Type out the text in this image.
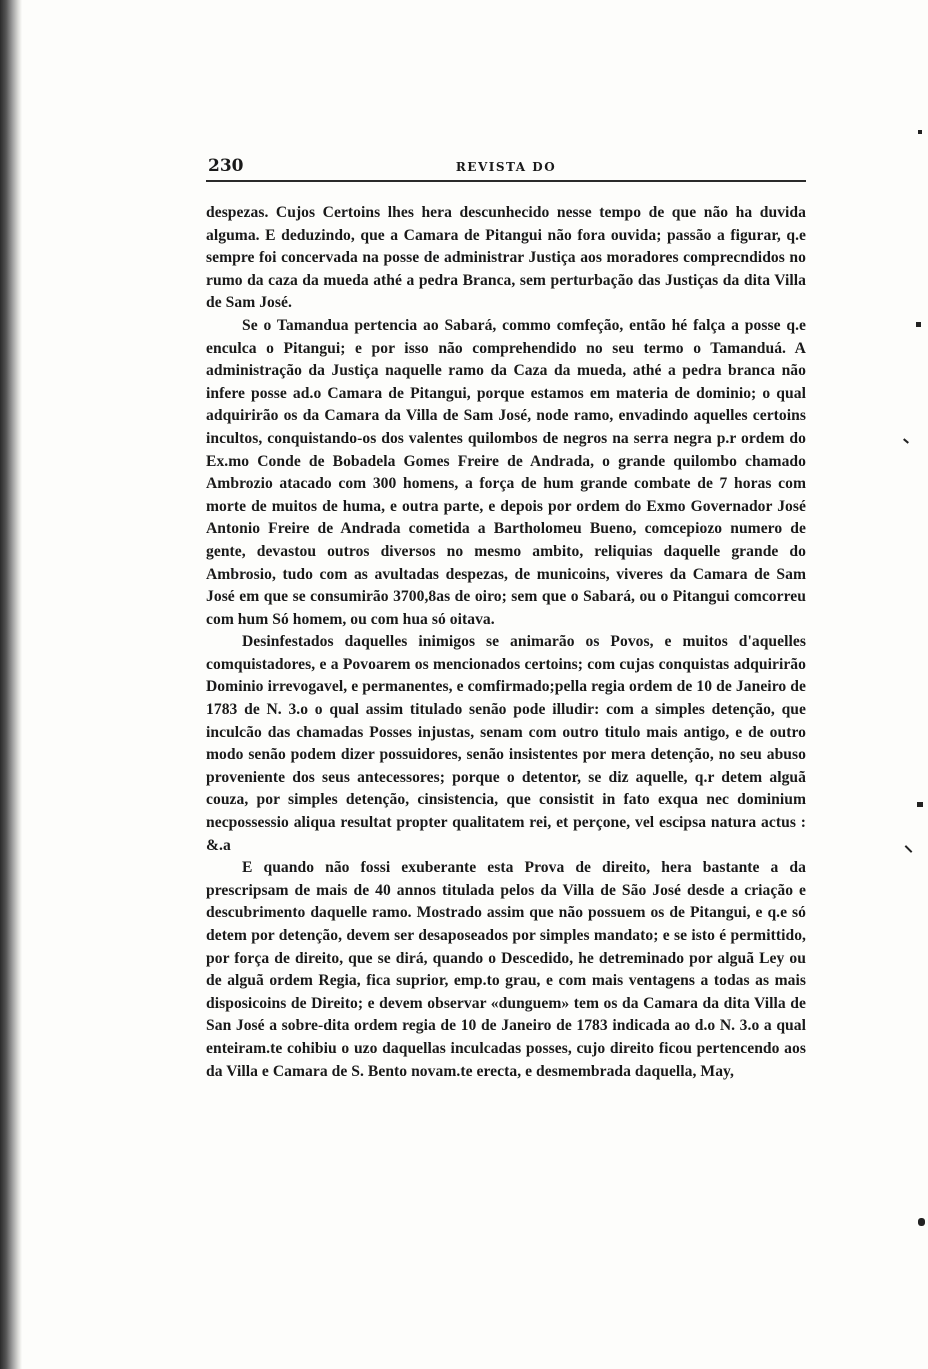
230	REVISTA DO

despezas. Cujos Certoins lhes hera descunhecido nesse tempo de que não ha duvida alguma. E deduzindo, que a Camara de Pitangui não fora ouvida; passão a figurar, q.e sempre foi concervada na posse de administrar Justiça aos moradores comprecndidos no rumo da caza da mueda athé a pedra Branca, sem perturbação das Justiças da dita Villa de Sam José.

Se o Tamandua pertencia ao Sabará, commo comfeção, então hé falça a posse q.e enculca o Pitangui; e por isso não comprehendido no seu termo o Tamanduá. A administração da Justiça naquelle ramo da Caza da mueda, athé a pedra branca não infere posse ad.o Camara de Pitangui, porque estamos em materia de dominio; o qual adquirirão os da Camara da Villa de Sam José, node ramo, envadindo aquelles certoins incultos, conquistando-os dos valentes quilombos de negros na serra negra p.r ordem do Ex.mo Conde de Bobadela Gomes Freire de Andrada, o grande quilombo chamado Ambrozio atacado com 300 homens, a força de hum grande combate de 7 horas com morte de muitos de huma, e outra parte, e depois por ordem do Exmo Governador José Antonio Freire de Andrada cometida a Bartholomeu Bueno, comcepiozo numero de gente, devastou outros diversos no mesmo ambito, reliquias daquelle grande do Ambrosio, tudo com as avultadas despezas, de municoins, viveres da Camara de Sam José em que se consumirão 3700,8as de oiro; sem que o Sabará, ou o Pitangui comcorreu com hum Só homem, ou com hua só oitava.

Desinfestados daquelles inimigos se animarão os Povos, e muitos d'aquelles comquistadores, e a Povoarem os mencionados certoins; com cujas conquistas adquirirão Dominio irrevogavel, e permanentes, e comfirmado;pella regia ordem de 10 de Janeiro de 1783 de N. 3.o o qual assim titulado senão pode illudir: com a simples detenção, que inculcão das chamadas Posses injustas, senam com outro titulo mais antigo, e de outro modo senão podem dizer possuidores, senão insistentes por mera detenção, no seu abuso proveniente dos seus antecessores; porque o detentor, se diz aquelle, q.r detem alguã couza, por simples detenção, cinsistencia, que consistit in fato exqua nec dominium necpossessio aliqua resultat propter qualitatem rei, et perçone, vel escipsa natura actus : &.a

E quando não fossi exuberante esta Prova de direito, hera bastante a da prescripsam de mais de 40 annos titulada pelos da Villa de São José desde a criação e descubrimento daquelle ramo. Mostrado assim que não possuem os de Pitangui, e q.e só detem por detenção, devem ser desaposeados por simples mandato; e se isto é permittido, por força de direito, que se dirá, quando o Descedido, he detreminado por alguã Ley ou de alguã ordem Regia, fica suprior, emp.to grau, e com mais ventagens a todas as mais disposicoins de Direito; e devem observar «dunguem» tem os da Camara da dita Villa de San José a sobre-dita ordem regia de 10 de Janeiro de 1783 indicada ao d.o N. 3.o a qual enteiram.te cohibiu o uzo daquellas inculcadas posses, cujo direito ficou pertencendo aos da Villa e Camara de S. Bento novam.te erecta, e desmembrada daquella, May,
